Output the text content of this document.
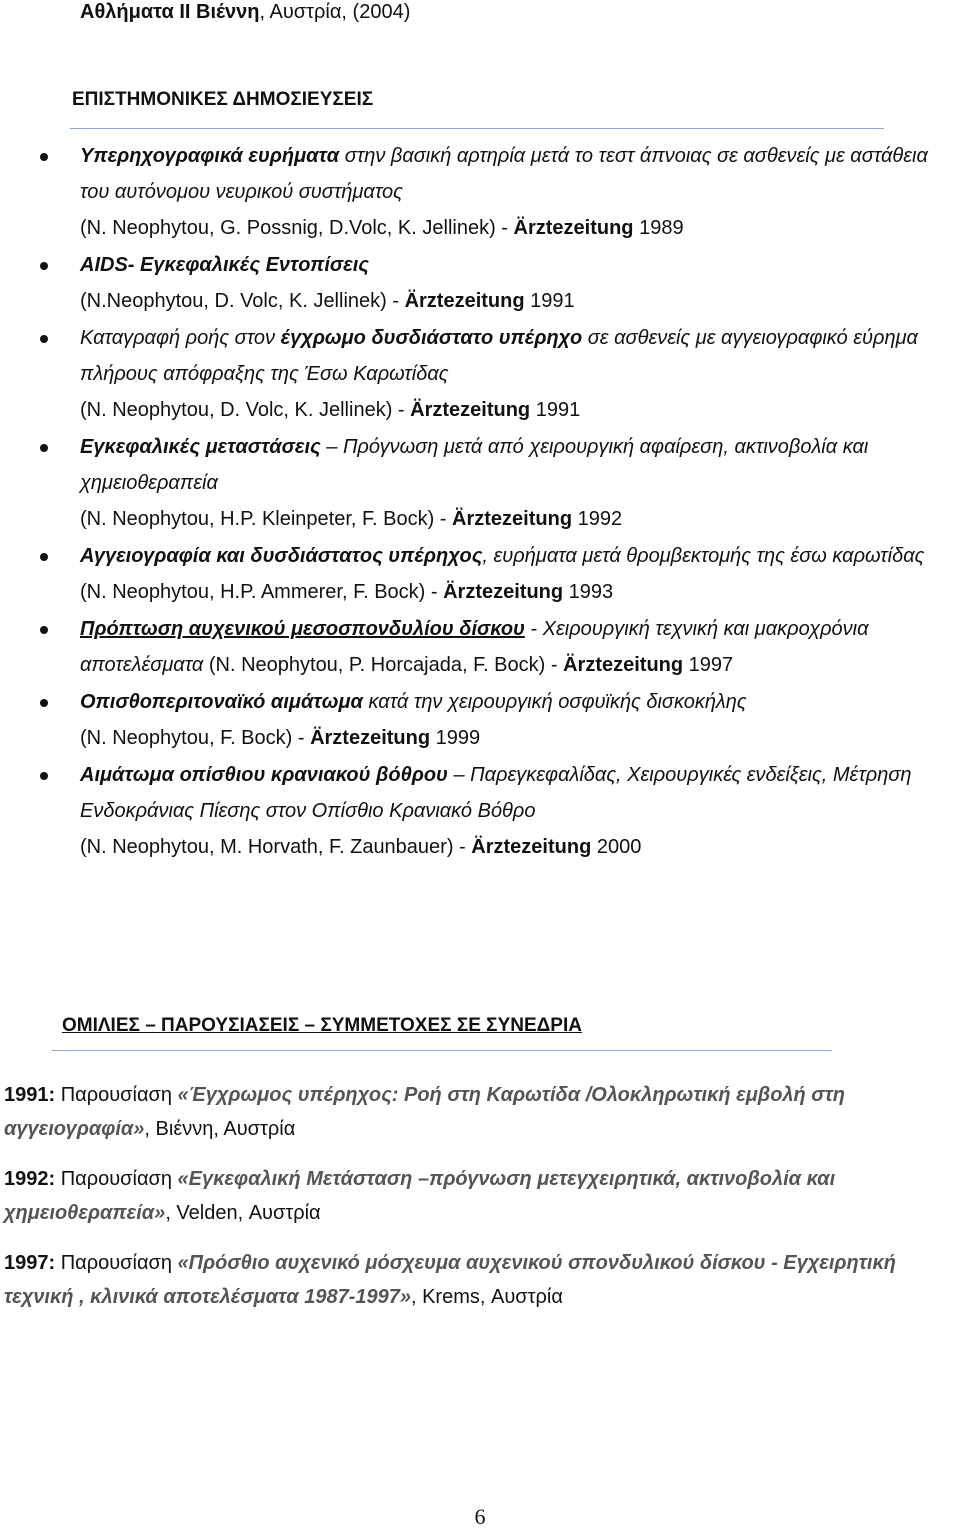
Αθλήματα ΙΙ Βιέννη, Αυστρία, (2004)
ΕΠΙΣΤΗΜΟΝΙΚΕΣ ΔΗΜΟΣΙΕΥΣΕΙΣ
Υπερηχογραφικά ευρήματα στην βασική αρτηρία μετά το τεστ άπνοιας σε ασθενείς με αστάθεια του αυτόνομου νευρικού συστήματος
(N. Neophytou, G. Possnig, D.Volc, K. Jellinek) - Ärztezeitung 1989
AIDS- Εγκεφαλικές Εντοπίσεις
(N.Neophytou, D. Volc, K. Jellinek) - Ärztezeitung 1991
Καταγραφή ροής στον έγχρωμο δυσδιάστατο υπέρηχο σε ασθενείς με αγγειογραφικό εύρημα πλήρους απόφραξης της Έσω Καρωτίδας
(N. Neophytou, D. Volc, K. Jellinek) - Ärztezeitung 1991
Εγκεφαλικές μεταστάσεις – Πρόγνωση μετά από χειρουργική αφαίρεση, ακτινοβολία και χημειοθεραπεία
(N. Neophytou, H.P. Kleinpeter, F. Bock) - Ärztezeitung 1992
Αγγειογραφία και δυσδιάστατος υπέρηχος, ευρήματα μετά θρομβεκτομής της έσω καρωτίδας (N. Neophytou, H.P. Ammerer, F. Bock) - Ärztezeitung 1993
Πρόπτωση αυχενικού μεσοσπονδυλίου δίσκου - Χειρουργική τεχνική και μακροχρόνια αποτελέσματα (N. Neophytou, P. Horcajada, F. Bock) - Ärztezeitung 1997
Οπισθοπεριτοναϊκό αιμάτωμα κατά την χειρουργική οσφυϊκής δισκοκήλης
(N. Neophytou, F. Bock) - Ärztezeitung 1999
Αιμάτωμα οπίσθιου κρανιακού βόθρου – Παρεγκεφαλίδας, Χειρουργικές ενδείξεις, Μέτρηση Ενδοκράνιας Πίεσης στον Οπίσθιο Κρανιακό Βόθρο
(N. Neophytou, M. Horvath, F. Zaunbauer) - Ärztezeitung 2000
ΟΜΙΛΙΕΣ – ΠΑΡΟΥΣΙΑΣΕΙΣ – ΣΥΜΜΕΤΟΧΕΣ ΣΕ ΣΥΝΕΔΡΙΑ
1991: Παρουσίαση «Έγχρωμος υπέρηχος: Ροή στη Καρωτίδα /Ολοκληρωτική εμβολή στη αγγειογραφία», Βιέννη, Αυστρία
1992: Παρουσίαση «Εγκεφαλική Μετάσταση –πρόγνωση μετεγχειρητικά, ακτινοβολία και χημειοθεραπεία», Velden, Αυστρία
1997: Παρουσίαση «Πρόσθιο αυχενικό μόσχευμα αυχενικού σπονδυλικού δίσκου - Εγχειρητική τεχνική , κλινικά αποτελέσματα 1987-1997», Krems, Αυστρία
6
